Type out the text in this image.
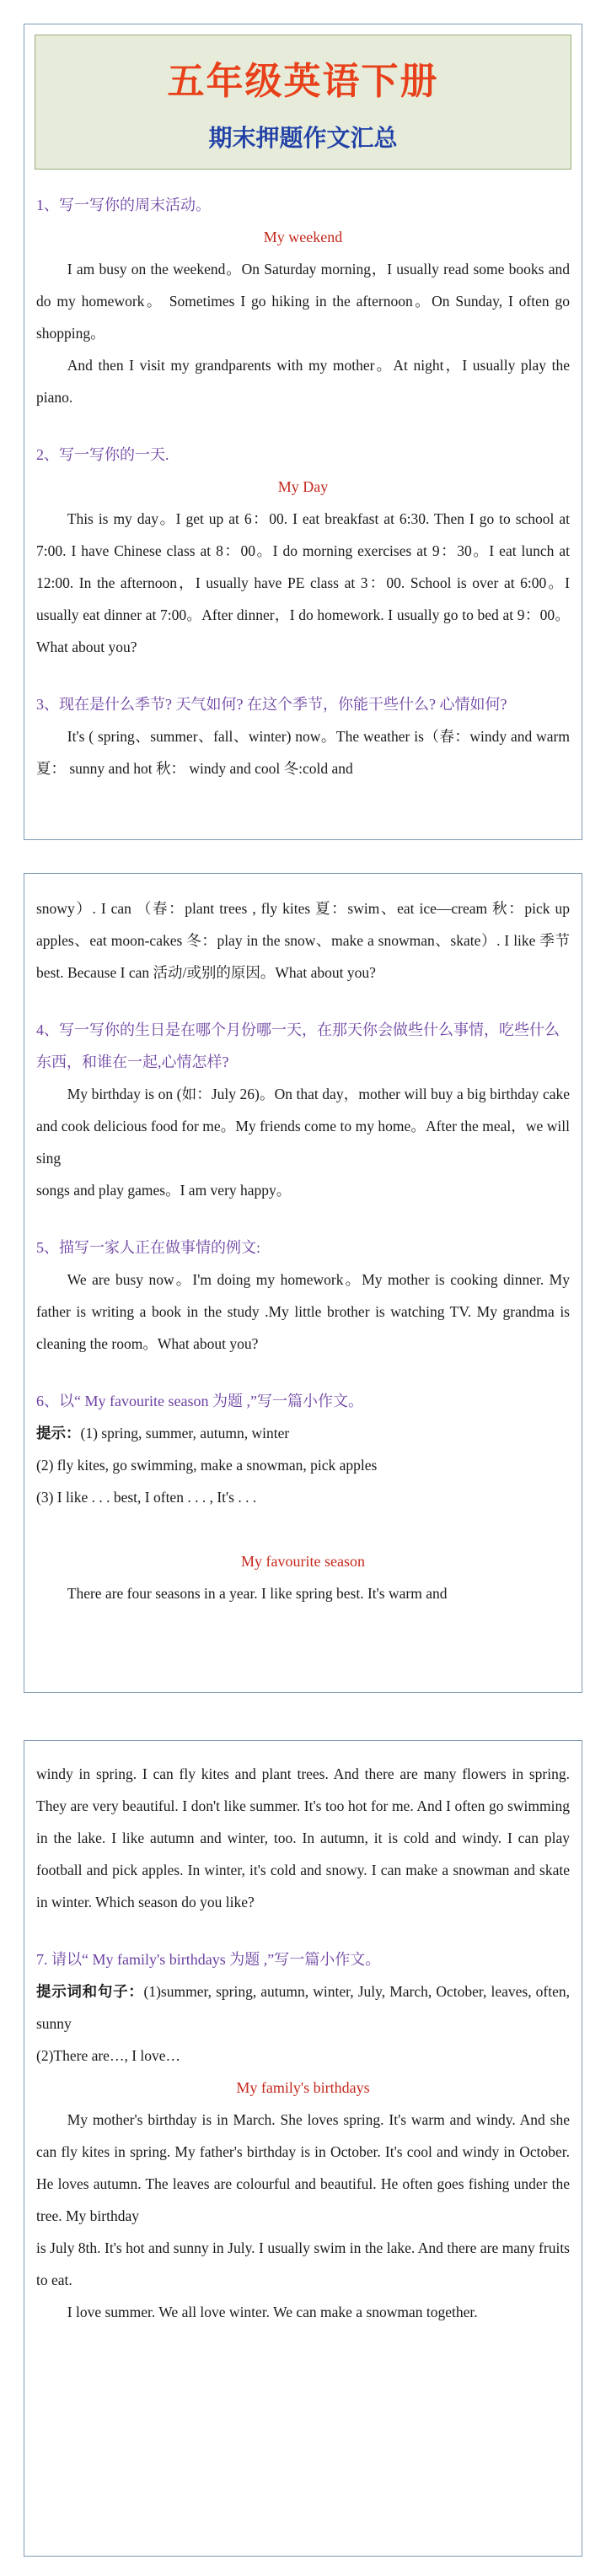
五年级英语下册
期末押题作文汇总
1、写一写你的周末活动。
My weekend
I am busy on the weekend。On Saturday morning，I usually read some books and do my homework。 Sometimes I go hiking in the afternoon。On Sunday, I often go shopping。
And then I visit my grandparents with my mother。At night，I usually play the piano.
2、写一写你的一天.
My Day
This is my day。I get up at 6：00. I eat breakfast at 6:30. Then I go to school at 7:00. I have Chinese class at 8：00。I do morning exercises at 9：30。I eat lunch at 12:00. In the afternoon，I usually have PE class at 3：00. School is over at 6:00。I usually eat dinner at 7:00。After dinner，I do homework. I usually go to bed at 9：00。What about you?
3、现在是什么季节? 天气如何? 在这个季节，你能干些什么? 心情如何?
It's ( spring、summer、fall、winter) now。The weather is（春：windy and warm 夏： sunny and hot 秋： windy and cool 冬:cold and
snowy）. I can （春：plant trees , fly kites 夏：swim、eat ice—cream 秋：pick up apples、eat moon-cakes 冬：play in the snow、make a snowman、skate）. I like 季节 best. Because I can 活动/或别的原因。What about you?
4、写一写你的生日是在哪个月份哪一天，在那天你会做些什么事情，吃些什么东西，和谁在一起,心情怎样?
My birthday is on (如：July 26)。On that day，mother will buy a big birthday cake and cook delicious food for me。My friends come to my home。After the meal，we will sing
songs and play games。I am very happy。
5、描写一家人正在做事情的例文:
We are busy now。I'm doing my homework。My mother is cooking dinner. My father is writing a book in the study .My little brother is watching TV. My grandma is cleaning the room。What about you?
6、以“ My favourite season 为题 ,”写一篇小作文。
提示：(1) spring, summer, autumn, winter
(2) fly kites, go swimming, make a snowman, pick apples
(3) I like . . . best, I often . . . , It's . . .
My favourite season
There are four seasons in a year. I like spring best. It's warm and
windy in spring. I can fly kites and plant trees. And there are many flowers in spring. They are very beautiful. I don't like summer. It's too hot for me. And I often go swimming in the lake. I like autumn and winter, too. In autumn, it is cold and windy. I can play football and pick apples. In winter, it's cold and snowy. I can make a snowman and skate in winter. Which season do you like?
7. 请以“ My family's birthdays 为题 ,”写一篇小作文。
提示词和句子：(1)summer, spring, autumn, winter, July, March, October, leaves, often, sunny
(2)There are…, I love…
My family's birthdays
My mother's birthday is in March. She loves spring. It's warm and windy. And she can fly kites in spring. My father's birthday is in October. It's cool and windy in October. He loves autumn. The leaves are colourful and beautiful. He often goes fishing under the tree. My birthday
is July 8th. It's hot and sunny in July. I usually swim in the lake. And there are many fruits to eat.
I love summer. We all love winter. We can make a snowman together.
